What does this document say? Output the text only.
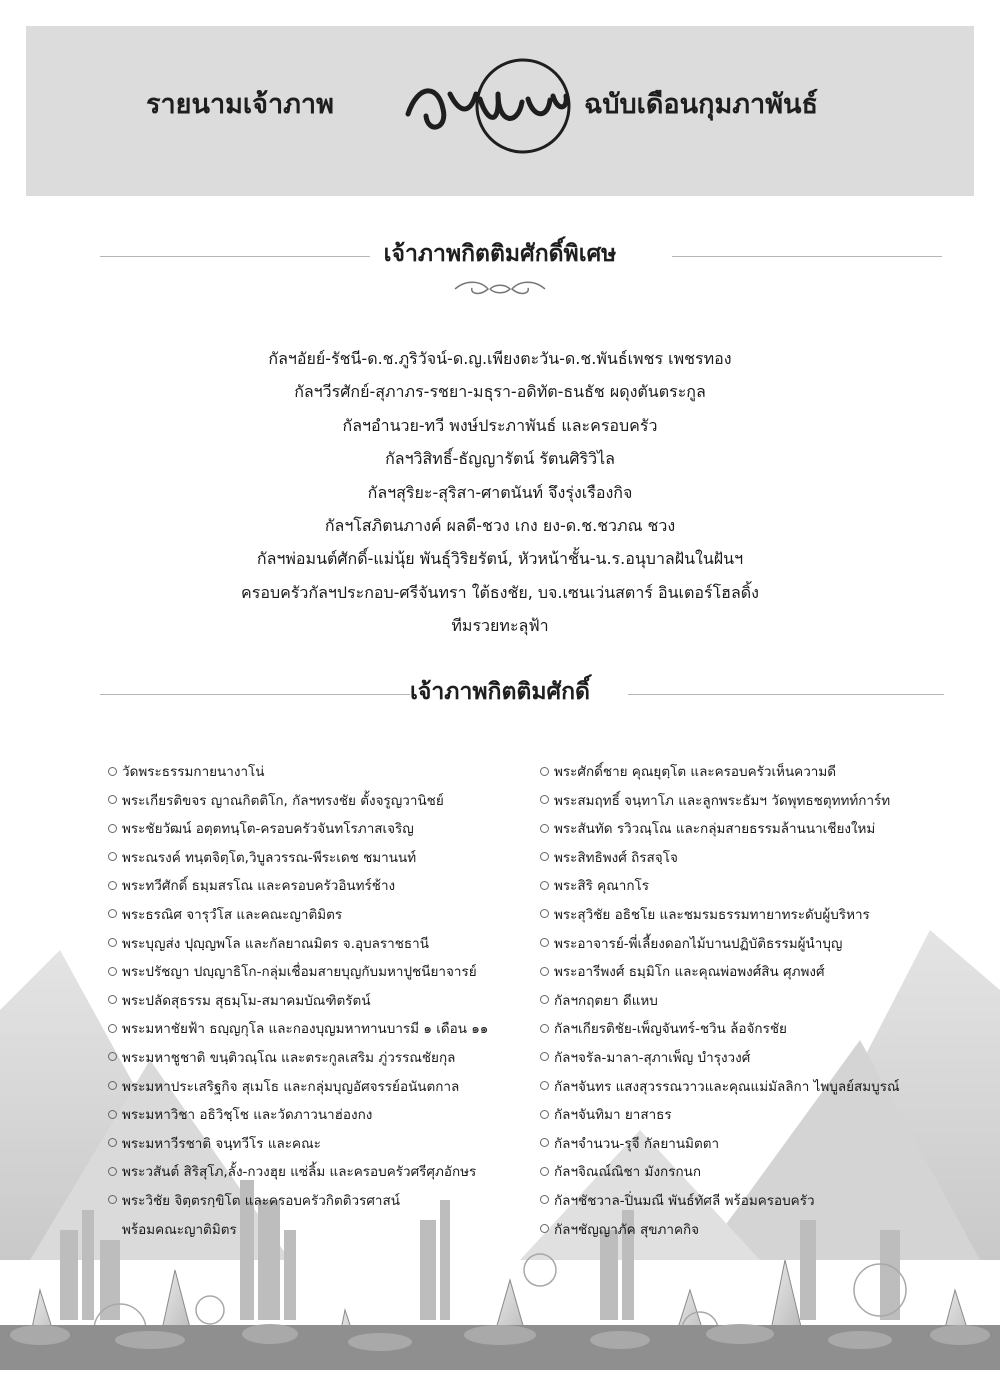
รายนามเจ้าภาพ	ฉบับเดือนกุมภาพันธ์
เจ้าภาพกิตติมศักดิ์พิเศษ
กัลฯอัยย์-รัชนี-ด.ช.ภูริวัจน์-ด.ญ.เพียงตะวัน-ด.ช.พันธ์เพชร เพชรทอง
กัลฯวีรศักย์-สุภาภร-รชยา-มธุรา-อดิทัต-ธนธัช ผดุงตันตระกูล
กัลฯอำนวย-ทวี พงษ์ประภาพันธ์ และครอบครัว
กัลฯวิสิทธิ์-ธัญญารัตน์ รัตนศิริวิไล
กัลฯสุริยะ-สุริสา-ศาตนันท์ จึงรุ่งเรืองกิจ
กัลฯโสภิตนภางค์ ผลดี-ชวง เกง ยง-ด.ช.ชวภณ ชวง
กัลฯพ่อมนต์ศักดิ์-แม่นุ้ย พันธุ์วิริยรัตน์, หัวหน้าชั้น-น.ร.อนุบาลฝันในฝันฯ
ครอบครัวกัลฯประกอบ-ศรีจันทรา ใต้ธงชัย, บจ.เซนเว่นสตาร์ อินเตอร์โฮลดิ้ง
ทีมรวยทะลุฟ้า
เจ้าภาพกิตติมศักดิ์
วัดพระธรรมกายนางาโน่
พระเกียรติขจร ญาณกิตติโก, กัลฯทรงชัย ตั้งจรูญวานิชย์
พระชัยวัฒน์ อตฺตทนฺโต-ครอบครัวจันทโรภาสเจริญ
พระณรงค์ ทนฺตจิตฺโต,วิบูลวรรณ-พีระเดช ชมานนท์
พระทวีศักดิ์ ธมฺมสรโณ และครอบครัวอินทร์ช้าง
พระธรณิศ จารุวํโส และคณะญาติมิตร
พระบุญส่ง ปุญฺญพโล และกัลยาณมิตร จ.อุบลราชธานี
พระปรัชญา ปญฺญาธิโก-กลุ่มเชื่อมสายบุญกับมหาปูชนียาจารย์
พระปลัดสุธรรม สุธมฺโม-สมาคมบัณฑิตรัตน์
พระมหาชัยฟ้า ธญฺญกุโล และกองบุญมหาทานบารมี ๑ เดือน ๑๑
พระมหาชูชาติ ขนฺติวณฺโณ และตระกูลเสริม ภู่วรรณชัยกุล
พระมหาประเสริฐกิจ สุเมโธ และกลุ่มบุญอัศจรรย์อนันตกาล
พระมหาวิชา อธิวิชฺโช และวัดภาวนาฮ่องกง
พระมหาวีรชาติ จนฺทวีโร และคณะ
พระวสันต์ สิริสุโภ,ลั้ง-กวงฮุย แซ่ลิ้ม และครอบครัวศรีศุภอักษร
พระวิชัย จิตฺตรกฺขิโต และครอบครัวกิตติวรศาสน์
พร้อมคณะญาติมิตร
พระศักดิ์ชาย คุณยุตฺโต และครอบครัวเห็นความดี
พระสมฤทธิ์ จนฺทาโภ และลูกพระธัมฯ วัดพุทธชตุททท์การ์ท
พระสันทัด รวิวณฺโณ และกลุ่มสายธรรมล้านนาเชียงใหม่
พระสิทธิพงศ์ ถิรสจฺโจ
พระสิริ คุณากโร
พระสุวิชัย อธิชโย และชมรมธรรมทายาทระดับผู้บริหาร
พระอาจารย์-พี่เลี้ยงดอกไม้บานปฏิบัติธรรมผู้นำบุญ
พระอารีพงศ์ ธมฺมิโก และคุณพ่อพงศ์สิน ศุภพงศ์
กัลฯกฤตยา ดีแหบ
กัลฯเกียรติชัย-เพ็ญจันทร์-ชวิน ล้อจักรชัย
กัลฯจรัล-มาลา-สุภาเพ็ญ บำรุงวงศ์
กัลฯจันทร แสงสุวรรณวาวและคุณแม่มัลลิกา ไพบูลย์สมบูรณ์
กัลฯจันทิมา ยาสาธร
กัลฯจำนวน-รุจี กัลยานมิตตา
กัลฯจิณณ์ณิชา มังกรกนก
กัลฯชัชวาล-ปิ่นมณี พันธ์ทัศลี พร้อมครอบครัว
กัลฯชัญญาภัค สุขภาคกิจ
